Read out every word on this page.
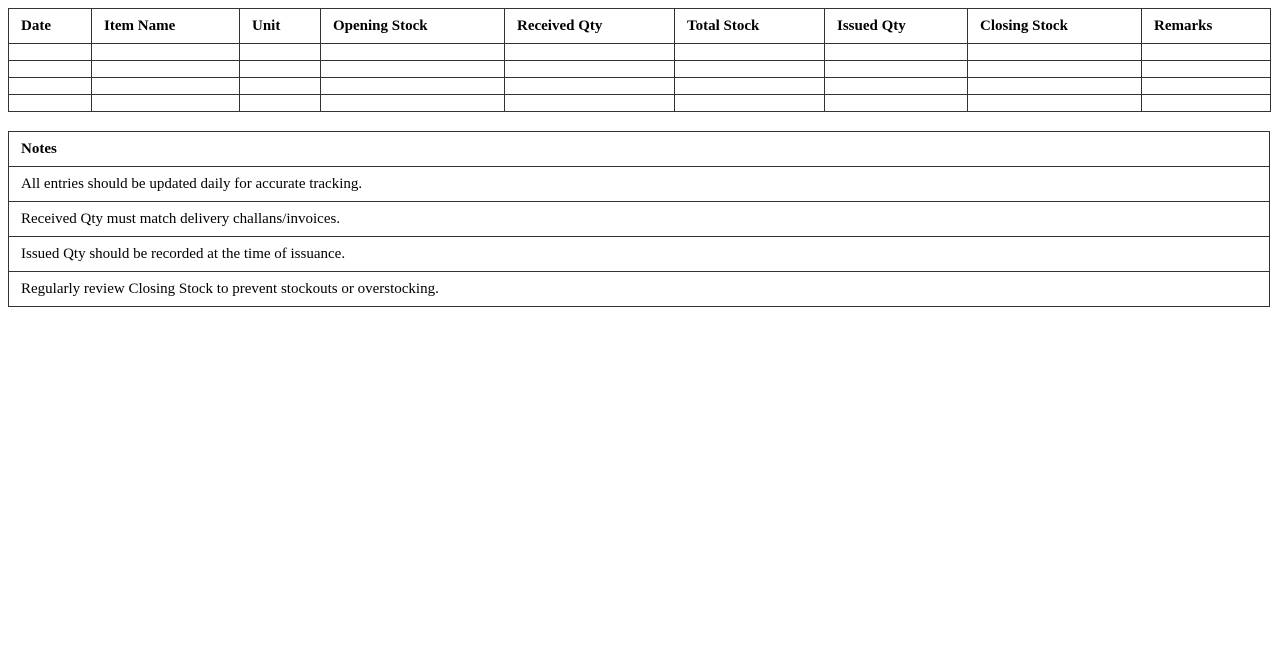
Date	Item Name	Unit	Opening Stock	Received Qty	Total Stock	Issued Qty	Closing Stock	Remarks

Notes
All entries should be updated daily for accurate tracking.
Received Qty must match delivery challans/invoices.
Issued Qty should be recorded at the time of issuance.
Regularly review Closing Stock to prevent stockouts or overstocking.
